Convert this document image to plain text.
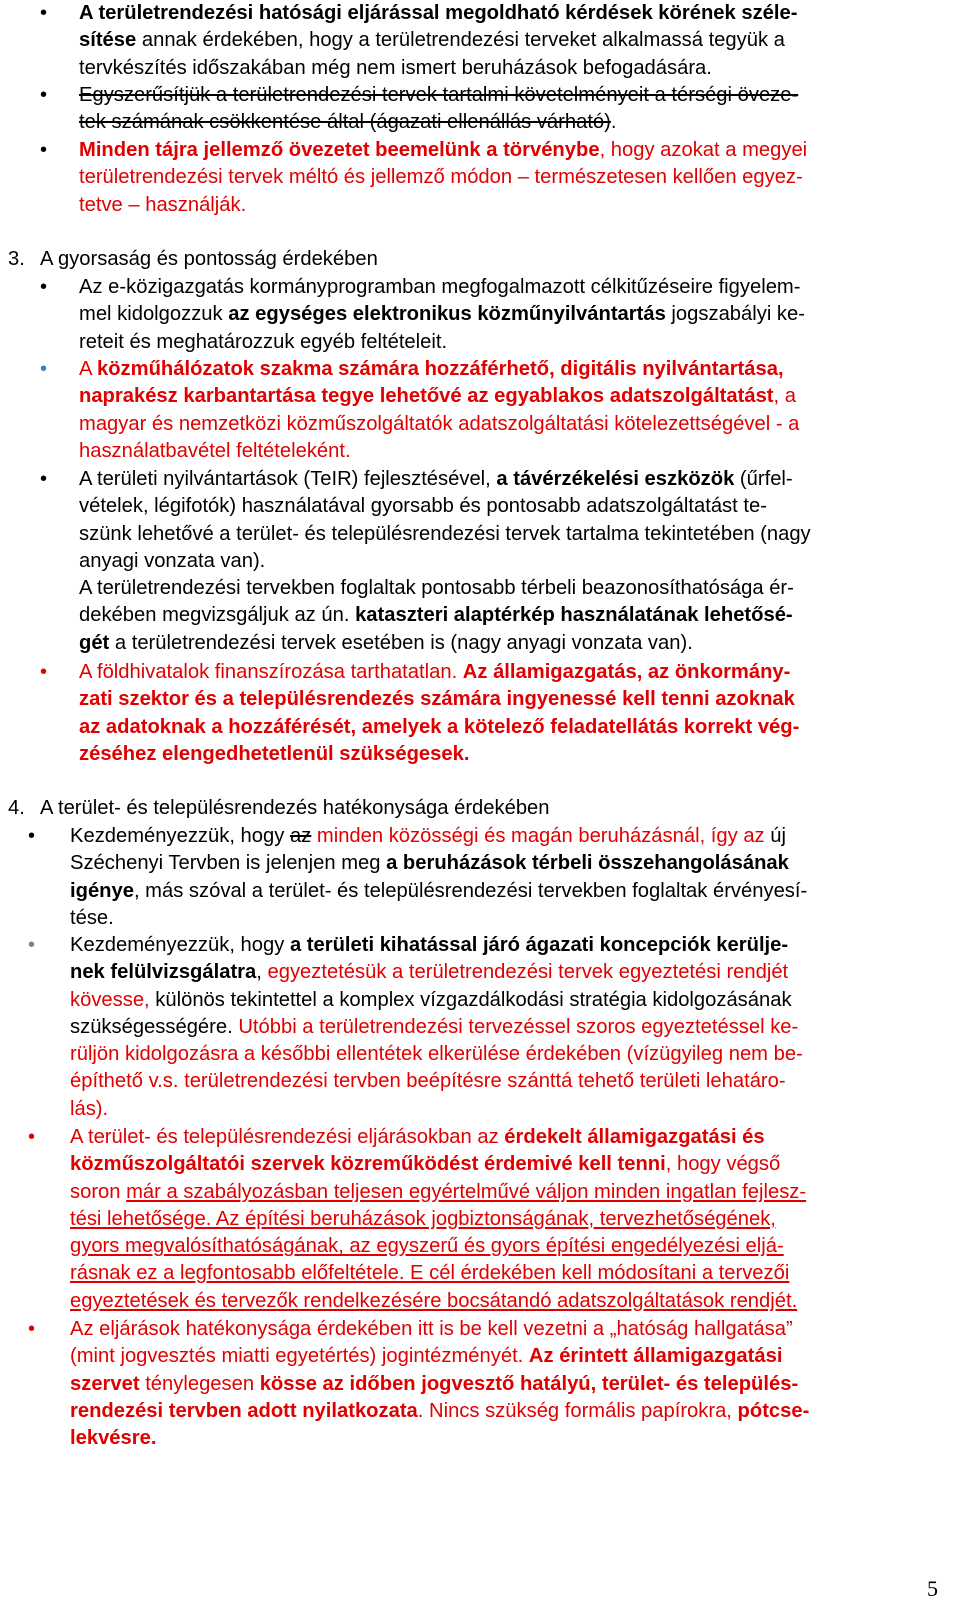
• A területrendezési hatósági eljárással megoldható kérdések körének széle-
sítése annak érdekében, hogy a területrendezési terveket alkalmassá tegyük a
tervkészítés időszakában még nem ismert beruházások befogadására.
• Egyszerűsítjük a területrendezési tervek tartalmi követelményeit a térségi öveze-
tek számának csökkentése által (ágazati ellenállás várható).
• Minden tájra jellemző övezetet beemelünk a törvénybe, hogy azokat a megyei
területrendezési tervek méltó és jellemző módon – természetesen kellően egyez-
tetve – használják.
3. A gyorsaság és pontosság érdekében
• Az e-közigazgatás kormányprogramban megfogalmazott célkitűzéseire figyelem-
mel kidolgozzuk az egységes elektronikus közműnyilvántartás jogszabályi ke-
reteit és meghatározzuk egyéb feltételeit.
• A közműhálózatok szakma számára hozzáférhető, digitális nyilvántartása,
naprakész karbantartása tegye lehetővé az egyablakos adatszolgáltatást, a
magyar és nemzetközi közműszolgáltatók adatszolgáltatási kötelezettségével - a
használatbavétel feltételeként.
• A területi nyilvántartások (TeIR) fejlesztésével, a távérzékelési eszközök (űrfel-
vételek, légifotók) használatával gyorsabb és pontosabb adatszolgáltatást te-
szünk lehetővé a terület- és településrendezési tervek tartalma tekintetében (nagy
anyagi vonzata van).
A területrendezési tervekben foglaltak pontosabb térbeli beazonosíthatósága ér-
dekében megvizsgáljuk az ún. kataszteri alaptérkép használatának lehetősé-
gét a területrendezési tervek esetében is (nagy anyagi vonzata van).
• A földhivatalok finanszírozása tarthatatlan. Az államigazgatás, az önkormány-
zati szektor és a településrendezés számára ingyenessé kell tenni azoknak
az adatoknak a hozzáférését, amelyek a kötelező feladatellátás korrekt vég-
zéséhez elengedhetetlenül szükségesek.
4. A terület- és településrendezés hatékonysága érdekében
• Kezdeményezzük, hogy az minden közösségi és magán beruházásnál, így az új
Széchenyi Tervben is jelenjen meg a beruházások térbeli összehangolásának
igénye, más szóval a terület- és településrendezési tervekben foglaltak érvényesí-
tése.
• Kezdeményezzük, hogy a területi kihatással járó ágazati koncepciók kerülje-
nek felülvizsgálatra, egyeztetésük a területrendezési tervek egyeztetési rendjét
kövesse, különös tekintettel a komplex vízgazdálkodási stratégia kidolgozásának
szükségességére. Utóbbi a területrendezési tervezéssel szoros egyeztetéssel ke-
rüljön kidolgozásra a későbbi ellentétek elkerülése érdekében (vízügyileg nem be-
építhető v.s. területrendezési tervben beépítésre szánttá tehető területi lehatáro-
lás).
• A terület- és településrendezési eljárásokban az érdekelt államigazgatási és
közműszolgáltatói szervek közreműködést érdemivé kell tenni, hogy végső
soron már a szabályozásban teljesen egyértelművé váljon minden ingatlan fejlesz-
tési lehetősége. Az építési beruházások jogbiztonságának, tervezhetőségének,
gyors megvalósíthatóságának, az egyszerű és gyors építési engedélyezési eljá-
rásnak ez a legfontosabb előfeltétele. E cél érdekében kell módosítani a tervezői
egyeztetések és tervezők rendelkezésére bocsátandó adatszolgáltatások rendjét.
• Az eljárások hatékonysága érdekében itt is be kell vezetni a „hatóság hallgatása”
(mint jogvesztés miatti egyetértés) jogintézményét. Az érintett államigazgatási
szervet ténylegesen kösse az időben jogvesztő hatályú, terület- és település-
rendezési tervben adott nyilatkozata. Nincs szükség formális papírokra, pótcse-
lekvésre.
5
